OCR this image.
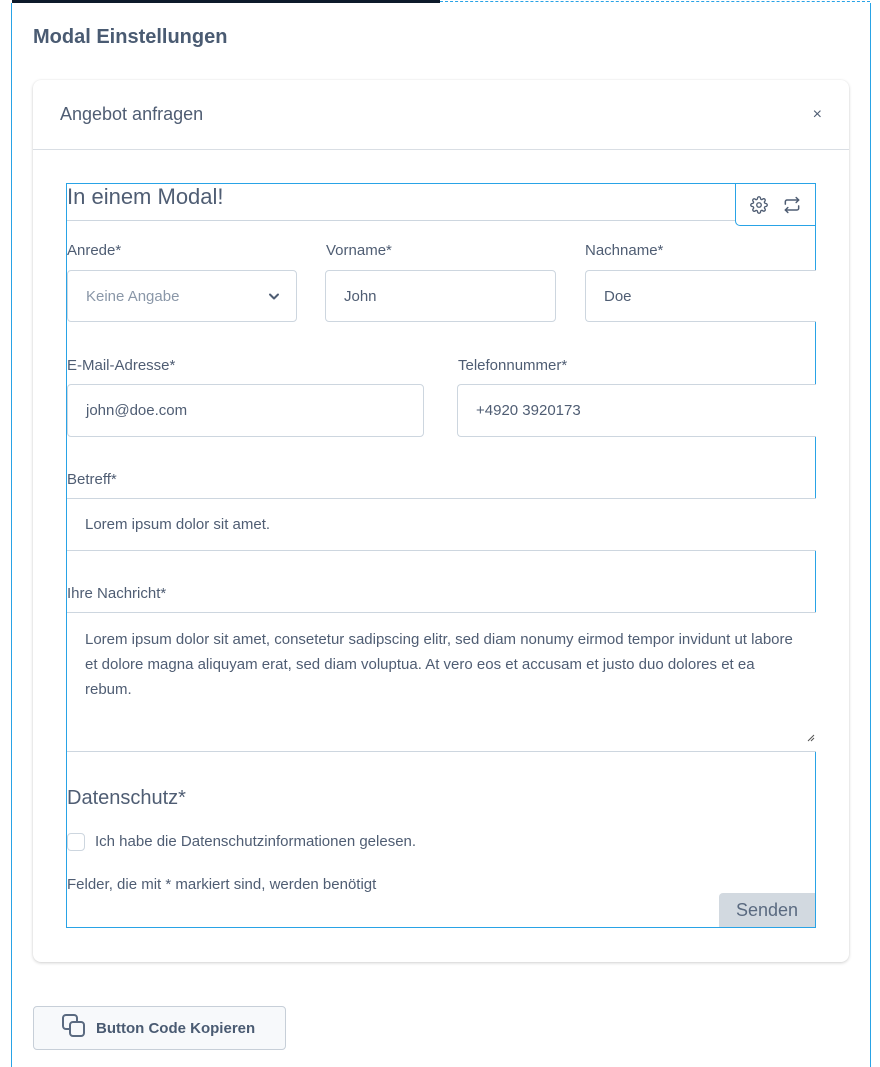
Modal Einstellungen
Angebot anfragen	×
In einem Modal!
Anrede*
Keine Angabe
Vorname*
John
Nachname*
Doe
E-Mail-Adresse*
john@doe.com
Telefonnummer*
+4920 3920173
Betreff*
Lorem ipsum dolor sit amet.
Ihre Nachricht*
Lorem ipsum dolor sit amet, consetetur sadipscing elitr, sed diam nonumy eirmod tempor invidunt ut labore et dolore magna aliquyam erat, sed diam voluptua. At vero eos et accusam et justo duo dolores et ea rebum.
Datenschutz*
Ich habe die Datenschutzinformationen gelesen.
Felder, die mit * markiert sind, werden benötigt
Senden
Button Code Kopieren
